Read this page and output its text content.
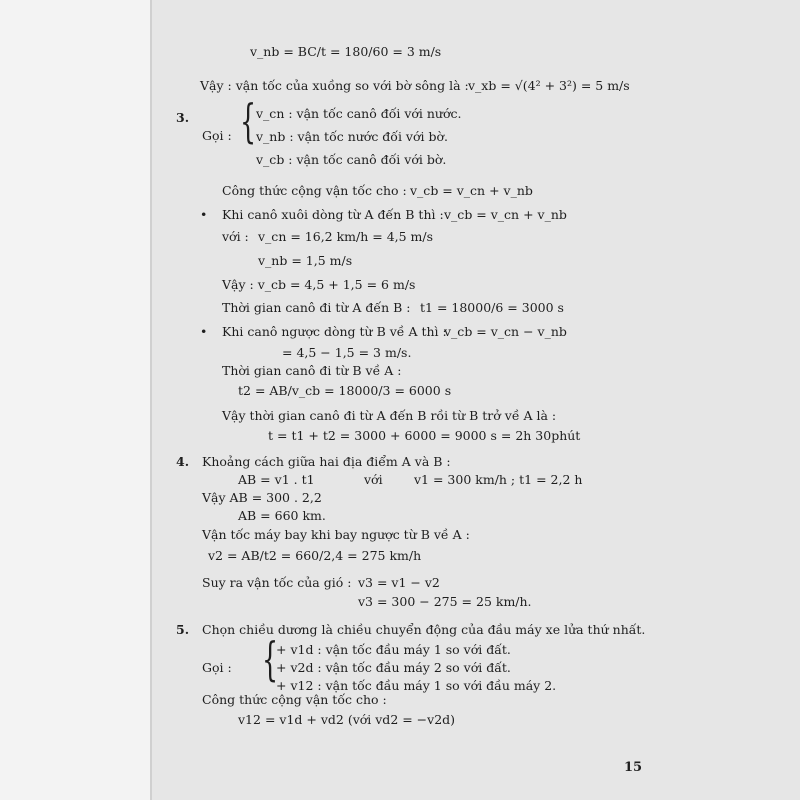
v_nb = BC/t = 180/60 = 3 m/s
Vậy : vận tốc của xuồng so với bờ sông là : v_xb = √(4² + 3²) = 5 m/s
3.
Gọi : { v_cn : vận tốc canô đối với nước.
v_nb : vận tốc nước đối với bờ.
v_cb : vận tốc canô đối với bờ.
Công thức cộng vận tốc cho : v_cb = v_cn + v_nb
• Khi canô xuôi dòng từ A đến B thì : v_cb = v_cn + v_nb
với : v_cn = 16,2 km/h = 4,5 m/s
v_nb = 1,5 m/s
Vậy : v_cb = 4,5 + 1,5 = 6 m/s
Thời gian canô đi từ A đến B : t1 = 18000/6 = 3000 s
• Khi canô ngược dòng từ B về A thì :
v_cb = v_cn − v_nb
= 4,5 − 1,5 = 3 m/s.
Thời gian canô đi từ B về A :
t2 = AB/v_cb = 18000/3 = 6000 s
Vậy thời gian canô đi từ A đến B rồi từ B trở về A là :
t = t1 + t2 = 3000 + 6000 = 9000 s = 2h 30phút
4. Khoảng cách giữa hai địa điểm A và B :
AB = v1 . t1	với	v1 = 300 km/h ; t1 = 2,2 h
Vậy AB = 300 . 2,2
AB = 660 km.
Vận tốc máy bay khi bay ngược từ B về A :
v2 = AB/t2 = 660/2,4 = 275 km/h
Suy ra vận tốc của gió : v3 = v1 − v2
v3 = 300 − 275 = 25 km/h.
5. Chọn chiều dương là chiều chuyển động của đầu máy xe lửa thứ nhất.
Gọi : {
+ v1d : vận tốc đầu máy 1 so với đất.
+ v2d : vận tốc đầu máy 2 so với đất.
+ v12 : vận tốc đầu máy 1 so với đầu máy 2.
Công thức cộng vận tốc cho :
v12 = v1d + vd2 (với vd2 = −v2d)
15
